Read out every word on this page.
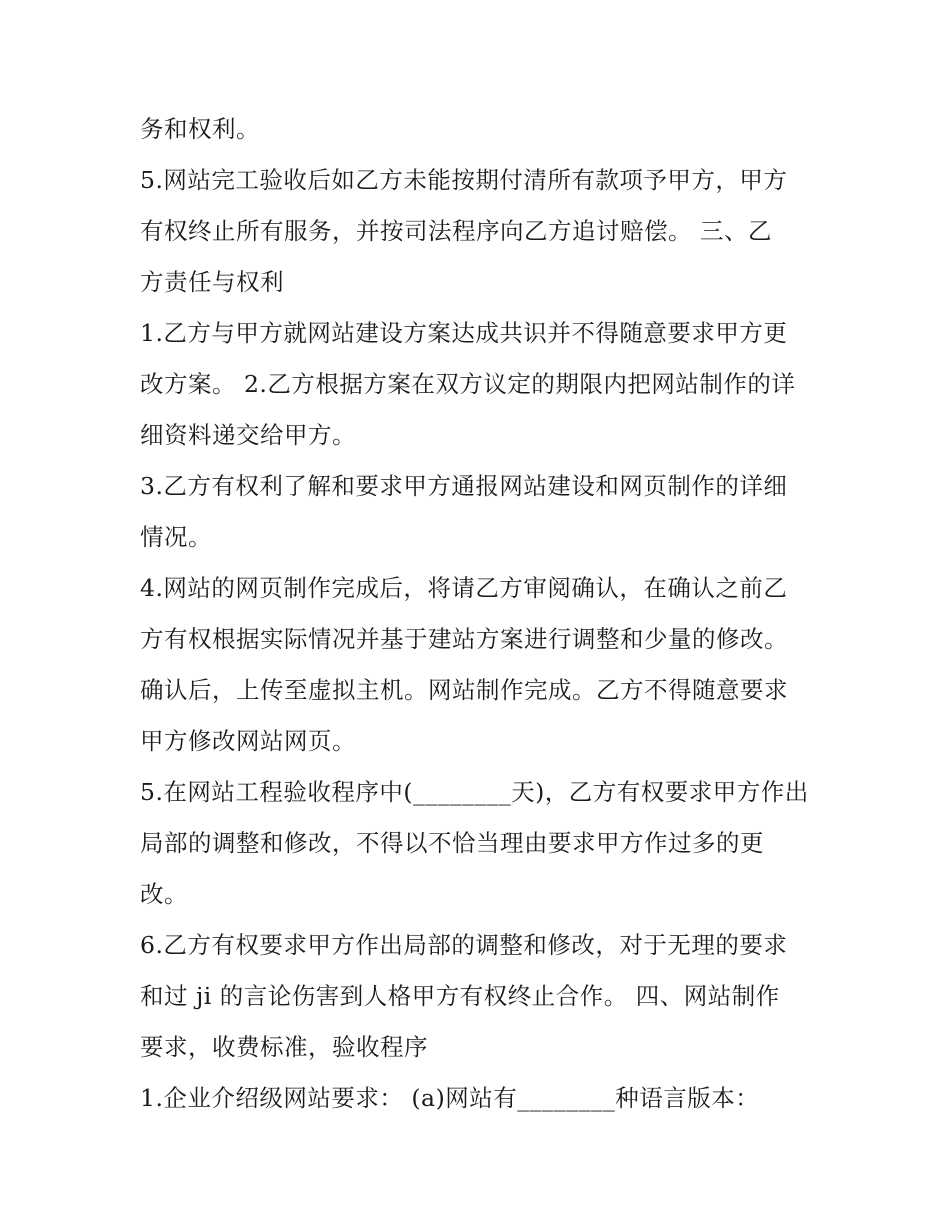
务和权利。
5.网站完工验收后如乙方未能按期付清所有款项予甲方，甲方
有权终止所有服务，并按司法程序向乙方追讨赔偿。 三、乙
方责任与权利
1.乙方与甲方就网站建设方案达成共识并不得随意要求甲方更
改方案。 2.乙方根据方案在双方议定的期限内把网站制作的详
细资料递交给甲方。
3.乙方有权利了解和要求甲方通报网站建设和网页制作的详细
情况。
4.网站的网页制作完成后，将请乙方审阅确认，在确认之前乙
方有权根据实际情况并基于建站方案进行调整和少量的修改。
确认后，上传至虚拟主机。网站制作完成。乙方不得随意要求
甲方修改网站网页。
5.在网站工程验收程序中(________天)，乙方有权要求甲方作出
局部的调整和修改，不得以不恰当理由要求甲方作过多的更
改。
6.乙方有权要求甲方作出局部的调整和修改，对于无理的要求
和过 ji 的言论伤害到人格甲方有权终止合作。 四、网站制作
要求，收费标准，验收程序
1.企业介绍级网站要求： (a)网站有________种语言版本：
